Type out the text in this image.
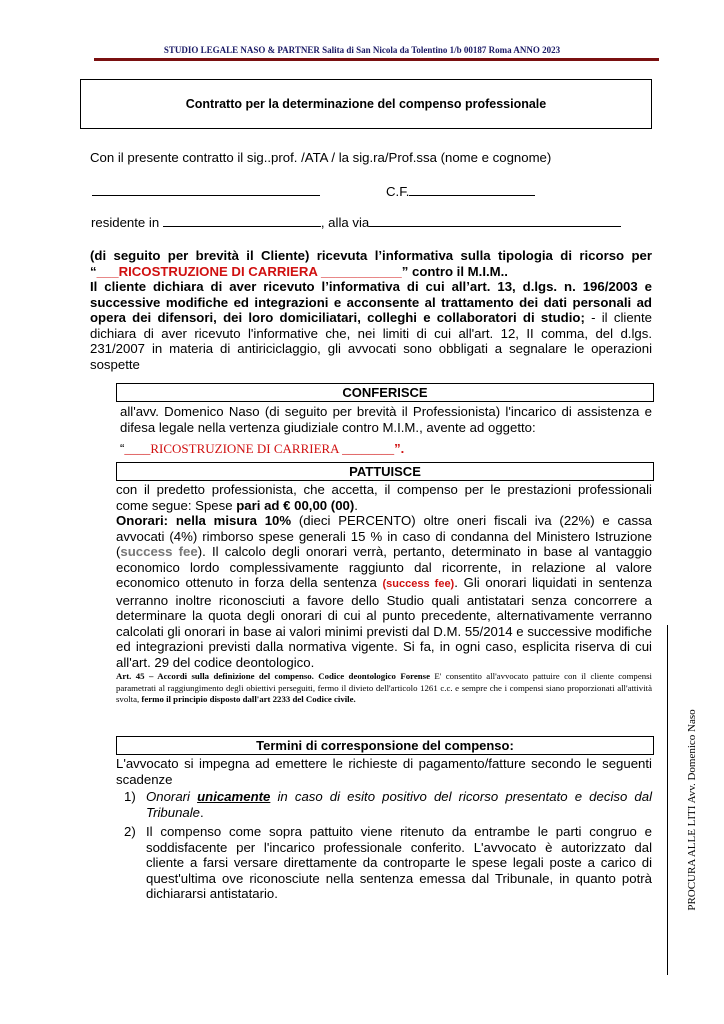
STUDIO LEGALE NASO & PARTNER Salita di San Nicola da Tolentino 1/b 00187 Roma ANNO 2023
Contratto per la determinazione del compenso professionale
Con il presente contratto il sig..prof. /ATA / la sig.ra/Prof.ssa (nome e cognome)
C.F.
residente in	, alla via
(di seguito per brevità il Cliente) ricevuta l’informativa sulla tipologia di ricorso per “___RICOSTRUZIONE DI CARRIERA ___________” contro il M.I.M..
Il cliente dichiara di aver ricevuto l’informativa di cui all’art. 13, d.lgs. n. 196/2003 e successive modifiche ed integrazioni e acconsente al trattamento dei dati personali ad opera dei difensori, dei loro domiciliatari, colleghi e collaboratori di studio; - il cliente dichiara di aver ricevuto l'informative che, nei limiti di cui all'art. 12, II comma, del d.lgs. 231/2007 in materia di antiriciclaggio, gli avvocati sono obbligati a segnalare le operazioni sospette
CONFERISCE
all'avv. Domenico Naso (di seguito per brevità il Professionista) l'incarico di assistenza e difesa legale nella vertenza giudiziale contro M.I.M., avente ad oggetto:
“____RICOSTRUZIONE DI CARRIERA ________”.
PATTUISCE
con il predetto professionista, che accetta, il compenso per le prestazioni professionali come segue: Spese pari ad € 00,00 (00).
Onorari: nella misura 10% (dieci PERCENTO) oltre oneri fiscali iva (22%) e cassa avvocati (4%) rimborso spese generali 15 % in caso di condanna del Ministero Istruzione (success fee). Il calcolo degli onorari verrà, pertanto, determinato in base al vantaggio economico lordo complessivamente raggiunto dal ricorrente, in relazione al valore economico ottenuto in forza della sentenza (success fee). Gli onorari liquidati in sentenza verranno inoltre riconosciuti a favore dello Studio quali antistatari senza concorrere a determinare la quota degli onorari di cui al punto precedente, alternativamente verranno calcolati gli onorari in base ai valori minimi previsti dal D.M. 55/2014 e successive modifiche ed integrazioni previsti dalla normativa vigente. Si fa, in ogni caso, esplicita riserva di cui all'art. 29 del codice deontologico.
Art. 45 – Accordi sulla definizione del compenso. Codice deontologico Forense E' consentito all'avvocato pattuire con il cliente compensi parametrati al raggiungimento degli obiettivi perseguiti, fermo il divieto dell'articolo 1261 c.c. e sempre che i compensi siano proporzionati all'attività svolta, fermo il principio disposto dall'art 2233 del Codice civile.
Termini di corresponsione del compenso:
L'avvocato si impegna ad emettere le richieste di pagamento/fatture secondo le seguenti scadenze
1) Onorari unicamente in caso di esito positivo del ricorso presentato e deciso dal Tribunale.
2) Il compenso come sopra pattuito viene ritenuto da entrambe le parti congruo e soddisfacente per l'incarico professionale conferito. L'avvocato è autorizzato dal cliente a farsi versare direttamente da controparte le spese legali poste a carico di quest'ultima ove riconosciute nella sentenza emessa dal Tribunale, in quanto potrà dichiararsi antistatario.	PROCURA ALLE LITI Avv. Domenico Naso
